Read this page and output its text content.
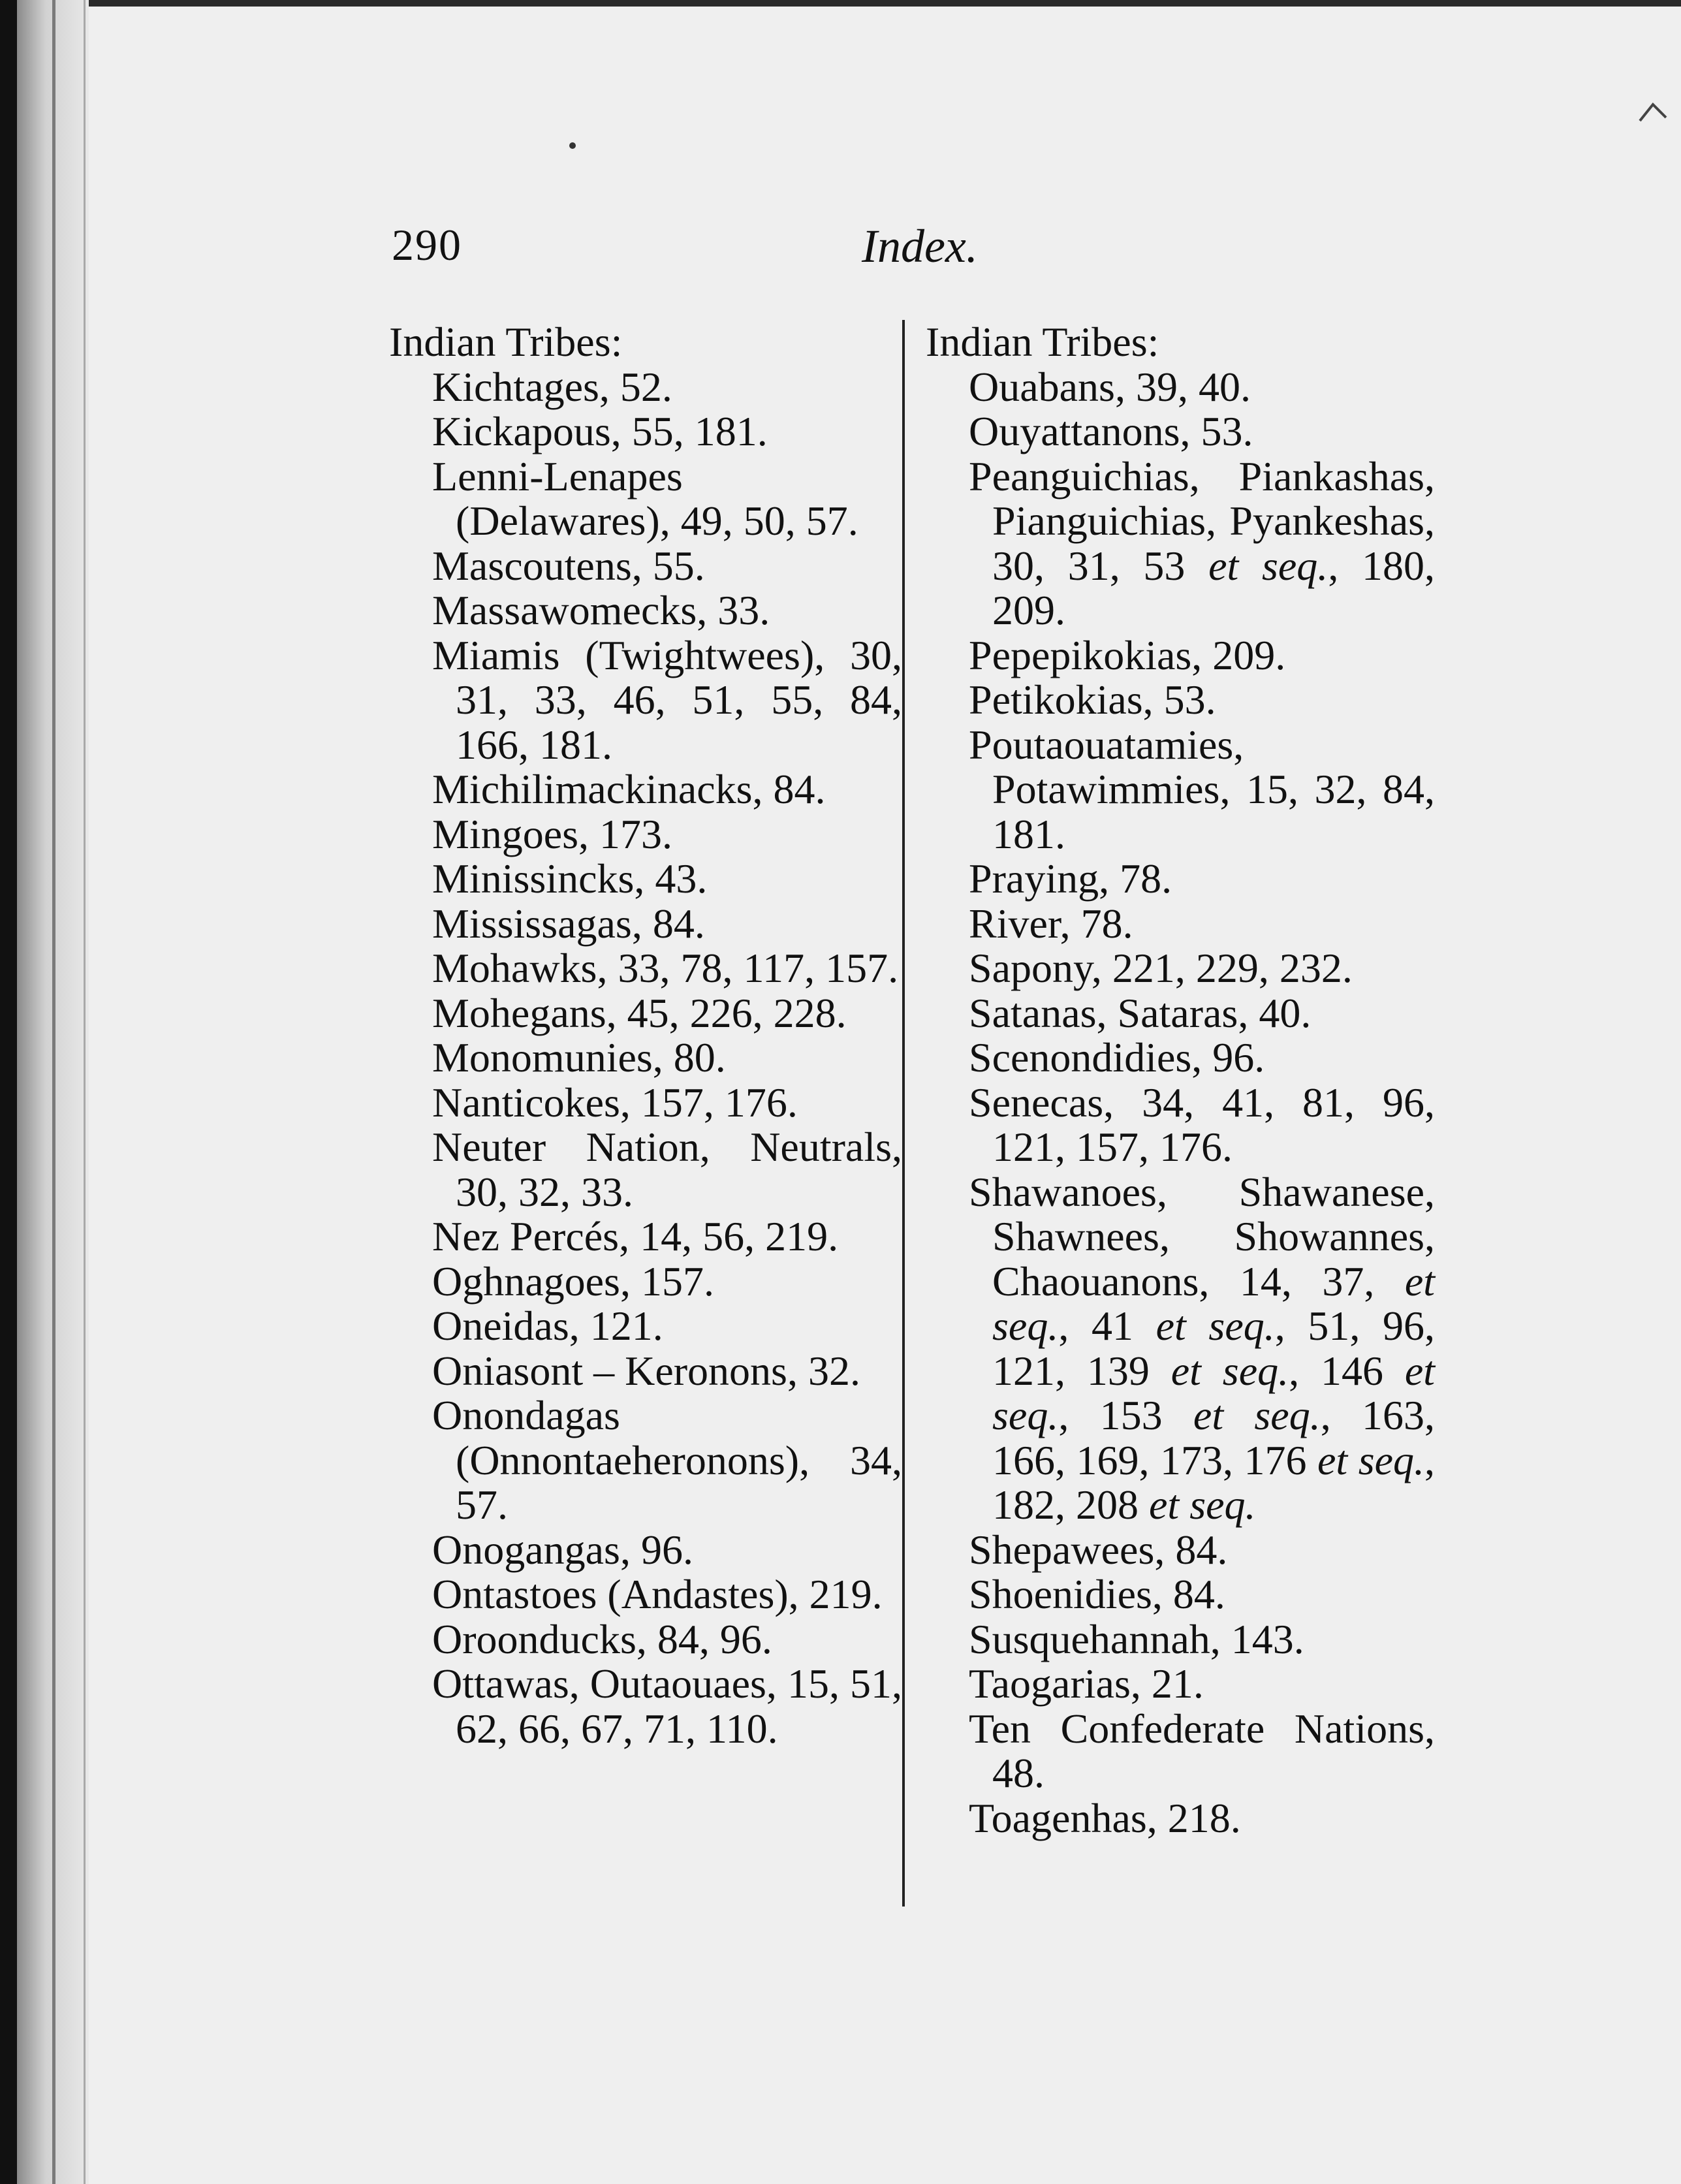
290	Index.
Indian Tribes:
Kichtages, 52.
Kickapous, 55, 181.
Lenni-Lenapes (Delawares), 49, 50, 57.
Mascoutens, 55.
Massawomecks, 33.
Miamis (Twightwees), 30, 31, 33, 46, 51, 55, 84, 166, 181.
Michilimackinacks, 84.
Mingoes, 173.
Minissincks, 43.
Mississagas, 84.
Mohawks, 33, 78, 117, 157.
Mohegans, 45, 226, 228.
Monomunies, 80.
Nanticokes, 157, 176.
Neuter Nation, Neutrals, 30, 32, 33.
Nez Percés, 14, 56, 219.
Oghnagoes, 157.
Oneidas, 121.
Oniasont – Keronons, 32.
Onondagas (Onnontaeheronons), 34, 57.
Onogangas, 96.
Ontastoes (Andastes), 219.
Oroonducks, 84, 96.
Ottawas, Outaouaes, 15, 51, 62, 66, 67, 71, 110.
Indian Tribes:
Ouabans, 39, 40.
Ouyattanons, 53.
Peanguichias, Piankashas, Pianguichias, Pyankeshas, 30, 31, 53 et seq., 180, 209.
Pepepikokias, 209.
Petikokias, 53.
Poutaouatamies, Potawimmies, 15, 32, 84, 181.
Praying, 78.
River, 78.
Sapony, 221, 229, 232.
Satanas, Sataras, 40.
Scenondidies, 96.
Senecas, 34, 41, 81, 96, 121, 157, 176.
Shawanoes, Shawanese, Shawnees, Showannes, Chaouanons, 14, 37, et seq., 41 et seq., 51, 96, 121, 139 et seq., 146 et seq., 153 et seq., 163, 166, 169, 173, 176 et seq., 182, 208 et seq.
Shepawees, 84.
Shoenidies, 84.
Susquehannah, 143.
Taogarias, 21.
Ten Confederate Nations, 48.
Toagenhas, 218.
